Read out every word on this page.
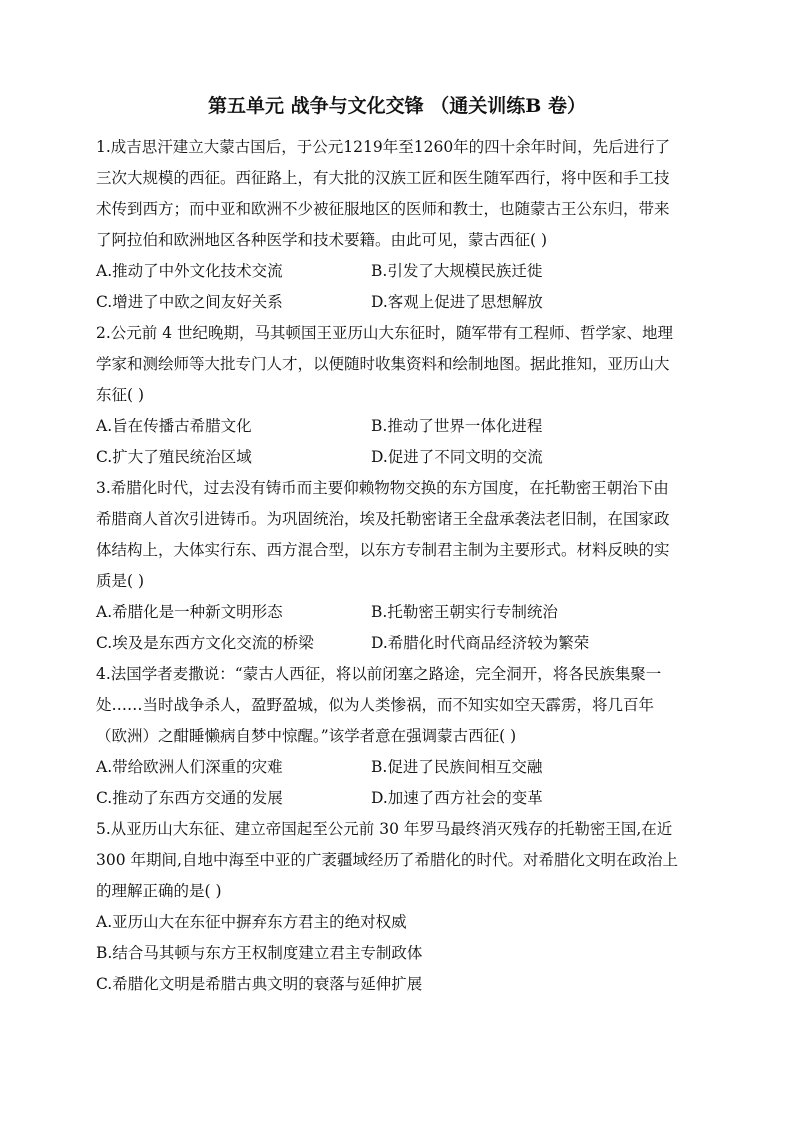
第五单元 战争与文化交锋 （通关训练B 卷）
1.成吉思汗建立大蒙古国后，于公元1219年至1260年的四十余年时间，先后进行了
三次大规模的西征。西征路上，有大批的汉族工匠和医生随军西行，将中医和手工技
术传到西方；而中亚和欧洲不少被征服地区的医师和教士，也随蒙古王公东归，带来
了阿拉伯和欧洲地区各种医学和技术要籍。由此可见，蒙古西征( )
A.推动了中外文化技术交流	B.引发了大规模民族迁徙
C.增进了中欧之间友好关系	D.客观上促进了思想解放
2.公元前 4 世纪晚期，马其顿国王亚历山大东征时，随军带有工程师、哲学家、地理
学家和测绘师等大批专门人才，以便随时收集资料和绘制地图。据此推知，亚历山大
东征( )
A.旨在传播古希腊文化	B.推动了世界一体化进程
C.扩大了殖民统治区域	D.促进了不同文明的交流
3.希腊化时代，过去没有铸币而主要仰赖物物交换的东方国度，在托勒密王朝治下由
希腊商人首次引进铸币。为巩固统治，埃及托勒密诸王全盘承袭法老旧制，在国家政
体结构上，大体实行东、西方混合型，以东方专制君主制为主要形式。材料反映的实
质是( )
A.希腊化是一种新文明形态	B.托勒密王朝实行专制统治
C.埃及是东西方文化交流的桥梁	D.希腊化时代商品经济较为繁荣
4.法国学者麦撒说：“蒙古人西征，将以前闭塞之路途，完全洞开，将各民族集聚一
处……当时战争杀人，盈野盈城，似为人类惨祸，而不知实如空天霹雳，将几百年
（欧洲）之酣睡懒病自梦中惊醒。”该学者意在强调蒙古西征( )
A.带给欧洲人们深重的灾难	B.促进了民族间相互交融
C.推动了东西方交通的发展	D.加速了西方社会的变革
5.从亚历山大东征、建立帝国起至公元前 30 年罗马最终消灭残存的托勒密王国,在近
300 年期间,自地中海至中亚的广袤疆域经历了希腊化的时代。对希腊化文明在政治上
的理解正确的是( )
A.亚历山大在东征中摒弃东方君主的绝对权威
B.结合马其顿与东方王权制度建立君主专制政体
C.希腊化文明是希腊古典文明的衰落与延伸扩展
